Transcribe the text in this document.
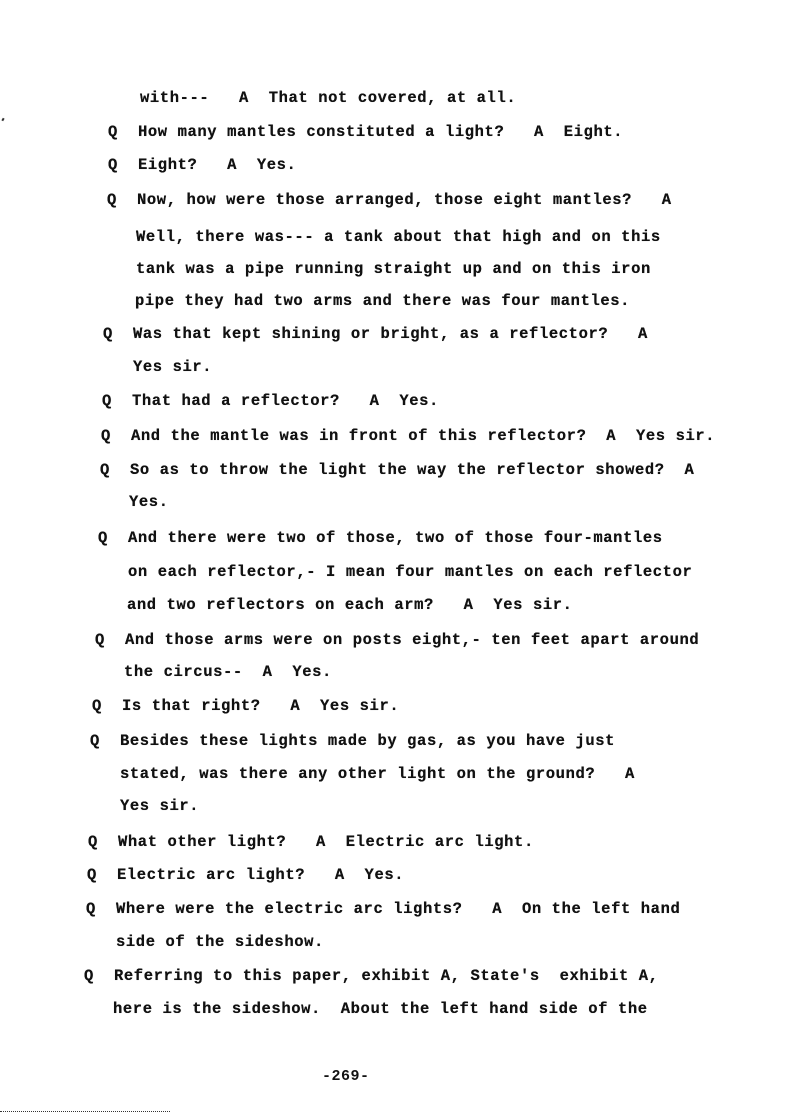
with---   A  That not covered, at all.
Q How many mantles constituted a light?   A  Eight.
Q Eight?   A  Yes.
Q Now, how were those arranged, those eight mantles?   A
Well, there was--- a tank about that high and on this
tank was a pipe running straight up and on this iron
pipe they had two arms and there was four mantles.
Q Was that kept shining or bright, as a reflector?   A
Yes sir.
Q That had a reflector?   A  Yes.
Q And the mantle was in front of this reflector?  A  Yes sir.
Q So as to throw the light the way the reflector showed?  A
Yes.
Q And there were two of those, two of those four-mantles
on each reflector,- I mean four mantles on each reflector
and two reflectors on each arm?   A  Yes sir.
Q And those arms were on posts eight,- ten feet apart around
the circus--  A  Yes.
Q Is that right?   A  Yes sir.
Q Besides these lights made by gas, as you have just
stated, was there any other light on the ground?   A
Yes sir.
Q What other light?   A  Electric arc light.
Q Electric arc light?   A  Yes.
Q Where were the electric arc lights?   A  On the left hand
side of the sideshow.
Q Referring to this paper, exhibit A, State's  exhibit A,
here is the sideshow.  About the left hand side of the
-269-
